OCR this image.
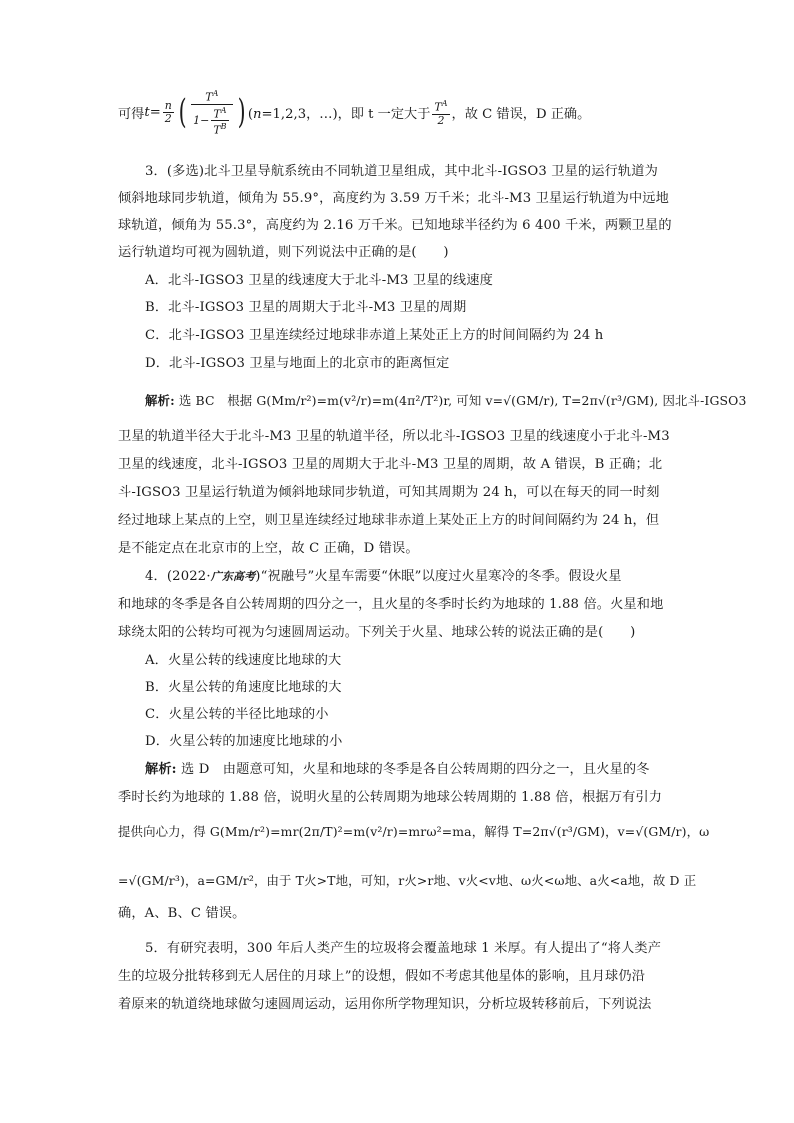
可得$t= \frac{n}{2}$ ( $\frac{T^A}{1- \frac{T^A}{T^B}}$ ) (n=1,2,3，…)，即 t 一定大于 $\frac{T^A}{2}$ ，故 C 错误，D 正确。
3．(多选)北斗卫星导航系统由不同轨道卫星组成，其中北斗-IGSO3 卫星的运行轨道为
倾斜地球同步轨道，倾角为 55.9°，高度约为 3.59 万千米；北斗-M3 卫星运行轨道为中远地
球轨道，倾角为 55.3°，高度约为 2.16 万千米。已知地球半径约为 6 400 千米，两颗卫星的
运行轨道均可视为圆轨道，则下列说法中正确的是(　　)
A．北斗-IGSO3 卫星的线速度大于北斗-M3 卫星的线速度
B．北斗-IGSO3 卫星的周期大于北斗-M3 卫星的周期
C．北斗-IGSO3 卫星连续经过地球非赤道上某处正上方的时间间隔约为 24 h
D．北斗-IGSO3 卫星与地面上的北京市的距离恒定
解析: 选 BC　根据 G(Mm/r²)=m(v²/r)=m(4π²/T²)r, 可知 v=√(GM/r), T=2π√(r³/GM), 因北斗-IGSO3
卫星的轨道半径大于北斗-M3 卫星的轨道半径，所以北斗-IGSO3 卫星的线速度小于北斗-M3
卫星的线速度，北斗-IGSO3 卫星的周期大于北斗-M3 卫星的周期，故 A 错误，B 正确；北
斗-IGSO3 卫星运行轨道为倾斜地球同步轨道，可知其周期为 24 h，可以在每天的同一时刻
经过地球上某点的上空，则卫星连续经过地球非赤道上某处正上方的时间间隔约为 24 h，但
是不能定点在北京市的上空，故 C 正确，D 错误。
4．(2022·广东高考)“祝融号”火星车需要“休眠”以度过火星寒冷的冬季。假设火星
和地球的冬季是各自公转周期的四分之一，且火星的冬季时长约为地球的 1.88 倍。火星和地
球绕太阳的公转均可视为匀速圆周运动。下列关于火星、地球公转的说法正确的是(　　)
A．火星公转的线速度比地球的大
B．火星公转的角速度比地球的大
C．火星公转的半径比地球的小
D．火星公转的加速度比地球的小
解析: 选 D　由题意可知，火星和地球的冬季是各自公转周期的四分之一，且火星的冬
季时长约为地球的 1.88 倍，说明火星的公转周期为地球公转周期的 1.88 倍，根据万有引力
提供向心力，得 G(Mm/r²)=mr(2π/T)²=m(v²/r)=mrω²=ma，解得 T=2π√(r³/GM)，v=√(GM/r)，ω
=√(GM/r³)，a=GM/r²，由于 T火>T地，可知，r火>r地、v火<v地、ω火<ω地、a火<a地，故 D 正
确，A、B、C 错误。
5．有研究表明，300 年后人类产生的垃圾将会覆盖地球 1 米厚。有人提出了“将人类产
生的垃圾分批转移到无人居住的月球上”的设想，假如不考虑其他星体的影响，且月球仍沿
着原来的轨道绕地球做匀速圆周运动，运用你所学物理知识，分析垃圾转移前后，下列说法
